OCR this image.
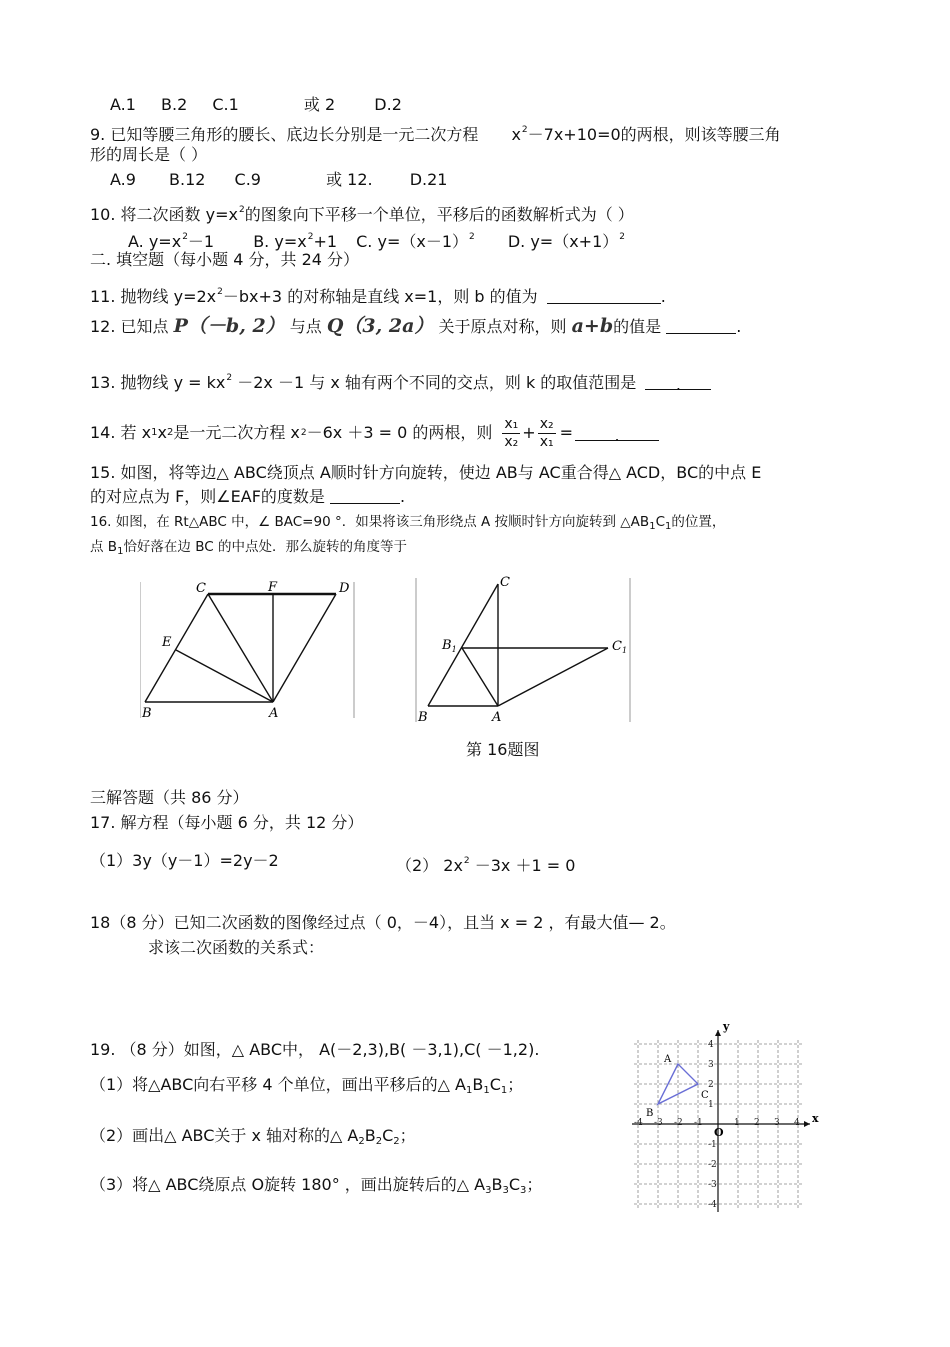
A.1 B.2 C.1	或 2 D.2
9. 已知等腰三角形的腰长、底边长分别是一元二次方程 $x^2-7x+10=0$的两根，则该等腰三角
形的周长是（ ）
A.9 B.12 C.9	或 12. D.21
10. 将二次函数 $y=x^2$的图象向下平移一个单位，平移后的函数解析式为（ ）
A. $y=x^2-1$ B. $y=x^2+1$ C. $y=(x-1)^2$ D. $y=(x+1)^2$
二. 填空题（每小题 4 分，共 24 分）
11. 抛物线 $y=2x^2-bx+3$ 的对称轴是直线 x=1，则 b 的值为	.
12. 已知点 P（－b, 2） 与点 Q（3, 2a） 关于原点对称，则 a+b的值是	.
13. 抛物线 $y = kx^2 -2x -1$ 与 x 轴有两个不同的交点，则 k 的取值范围是 .
14. 若 x 1 x 2 是一元二次方程 x 2 －6x ＋3 = 0 的两根，则 $\frac{\text{x₁}}{\text{x₂}} + \frac{\text{x₂}}{\text{x₁}}$ =	.
15. 如图，将等边△ ABC绕顶点 A顺时针方向旋转，使边 AB与 AC重合得△ ACD，BC的中点 E
的对应点为 F，则∠EAF的度数是	.
16. 如图，在 Rt△ABC 中，∠ BAC=90 °．如果将该三角形绕点 A 按顺时针方向旋转到 $\triangle AB_1C_1$的位置，
点 $B_1$恰好落在边 BC 的中点处．那么旋转的角度等于
C	F	D
E
B	A
C
$B_1$	$C_1$
B	A
第 16题图
三解答题（共 86 分）
17. 解方程（每小题 6 分，共 12 分）
（1）3y（y－1）=2y－2	（2） $2x^2 -3x +1 = 0$
18（8 分）已知二次函数的图像经过点（ 0，－4），且当 x = 2 ，有最大值— 2。
求该二次函数的关系式：
19. （8 分）如图，△ ABC中， A(－2,3),B( －3,1),C( －1,2).
（1）将△ABC向右平移 4 个单位，画出平移后的△ $A_1B_1C_1$；
（2）画出△ ABC关于 x 轴对称的△ $A_2B_2C_2$；
（3）将△ ABC绕原点 O旋转 180° ，画出旋转后的△ $A_3B_3C_3$；
x
y
O
-4 -3 -2 -1	1 2 3 4
4
3
2
1
-1
-2
-3
-4
A
B
C
